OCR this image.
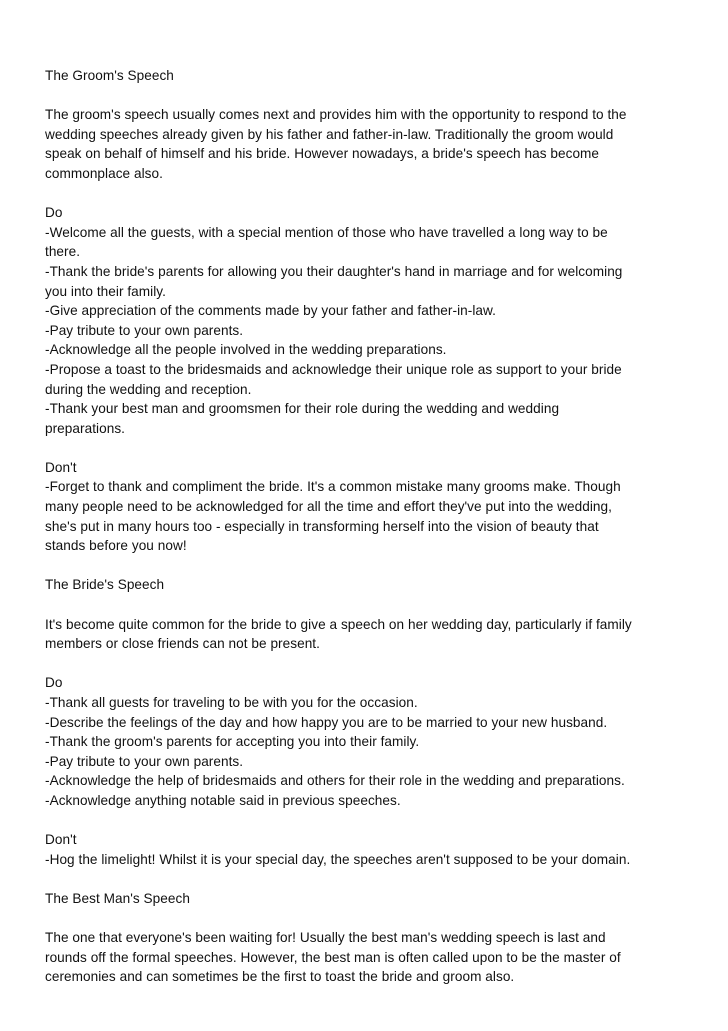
The Groom's Speech
The groom's speech usually comes next and provides him with the opportunity to respond to the
wedding speeches already given by his father and father-in-law. Traditionally the groom would
speak on behalf of himself and his bride. However nowadays, a bride's speech has become
commonplace also.
Do
-Welcome all the guests, with a special mention of those who have travelled a long way to be
there.
-Thank the bride's parents for allowing you their daughter's hand in marriage and for welcoming
you into their family.
-Give appreciation of the comments made by your father and father-in-law.
-Pay tribute to your own parents.
-Acknowledge all the people involved in the wedding preparations.
-Propose a toast to the bridesmaids and acknowledge their unique role as support to your bride
during the wedding and reception.
-Thank your best man and groomsmen for their role during the wedding and wedding
preparations.
Don't
-Forget to thank and compliment the bride. It's a common mistake many grooms make. Though
many people need to be acknowledged for all the time and effort they've put into the wedding,
she's put in many hours too - especially in transforming herself into the vision of beauty that
stands before you now!
The Bride's Speech
It's become quite common for the bride to give a speech on her wedding day, particularly if family
members or close friends can not be present.
Do
-Thank all guests for traveling to be with you for the occasion.
-Describe the feelings of the day and how happy you are to be married to your new husband.
-Thank the groom's parents for accepting you into their family.
-Pay tribute to your own parents.
-Acknowledge the help of bridesmaids and others for their role in the wedding and preparations.
-Acknowledge anything notable said in previous speeches.
Don't
-Hog the limelight! Whilst it is your special day, the speeches aren't supposed to be your domain.
The Best Man's Speech
The one that everyone's been waiting for! Usually the best man's wedding speech is last and
rounds off the formal speeches. However, the best man is often called upon to be the master of
ceremonies and can sometimes be the first to toast the bride and groom also.
